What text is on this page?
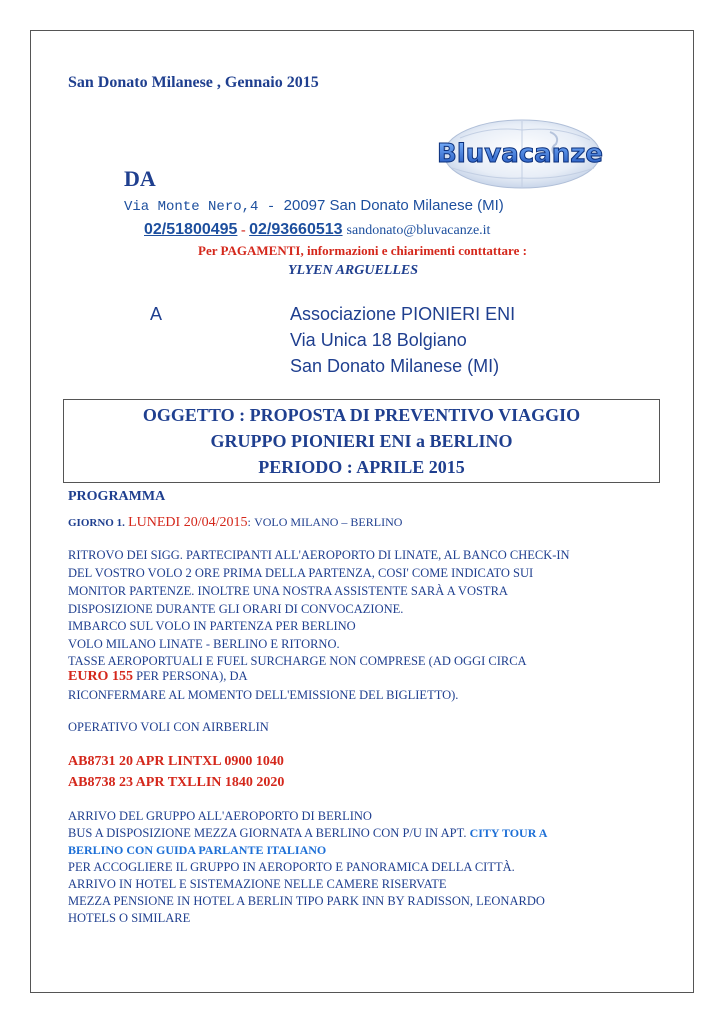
San Donato Milanese , Gennaio 2015
Bluvacanze
DA
Via Monte Nero,4 - 20097 San Donato Milanese (MI)
02/51800495 - 02/93660513 sandonato@bluvacanze.it
Per PAGAMENTI, informazioni e chiarimenti conttattare :
YLYEN ARGUELLES
A	Associazione PIONIERI ENI
Via Unica 18 Bolgiano
San Donato Milanese (MI)
OGGETTO : PROPOSTA DI PREVENTIVO VIAGGIO
GRUPPO PIONIERI ENI a BERLINO
PERIODO : APRILE 2015
PROGRAMMA
GIORNO 1. LUNEDI 20/04/2015: VOLO MILANO – BERLINO
RITROVO DEI SIGG. PARTECIPANTI ALL'AEROPORTO DI LINATE, AL BANCO CHECK-IN
DEL VOSTRO VOLO 2 ORE PRIMA DELLA PARTENZA, COSI' COME INDICATO SUI
MONITOR PARTENZE. INOLTRE UNA NOSTRA ASSISTENTE SARÀ A VOSTRA
DISPOSIZIONE DURANTE GLI ORARI DI CONVOCAZIONE.
IMBARCO SUL VOLO IN PARTENZA PER BERLINO
VOLO MILANO LINATE - BERLINO E RITORNO.
TASSE AEROPORTUALI E FUEL SURCHARGE NON COMPRESE (AD OGGI CIRCA
EURO 155 PER PERSONA), DA
RICONFERMARE AL MOMENTO DELL'EMISSIONE DEL BIGLIETTO).
OPERATIVO VOLI CON AIRBERLIN
AB8731 20 APR LINTXL 0900 1040
AB8738 23 APR TXLLIN 1840 2020
ARRIVO DEL GRUPPO ALL'AEROPORTO DI BERLINO
BUS A DISPOSIZIONE MEZZA GIORNATA A BERLINO CON P/U IN APT. CITY TOUR A
BERLINO CON GUIDA PARLANTE ITALIANO
PER ACCOGLIERE IL GRUPPO IN AEROPORTO E PANORAMICA DELLA CITTÀ.
ARRIVO IN HOTEL E SISTEMAZIONE NELLE CAMERE RISERVATE
MEZZA PENSIONE IN HOTEL A BERLIN TIPO PARK INN BY RADISSON, LEONARDO
HOTELS O SIMILARE
